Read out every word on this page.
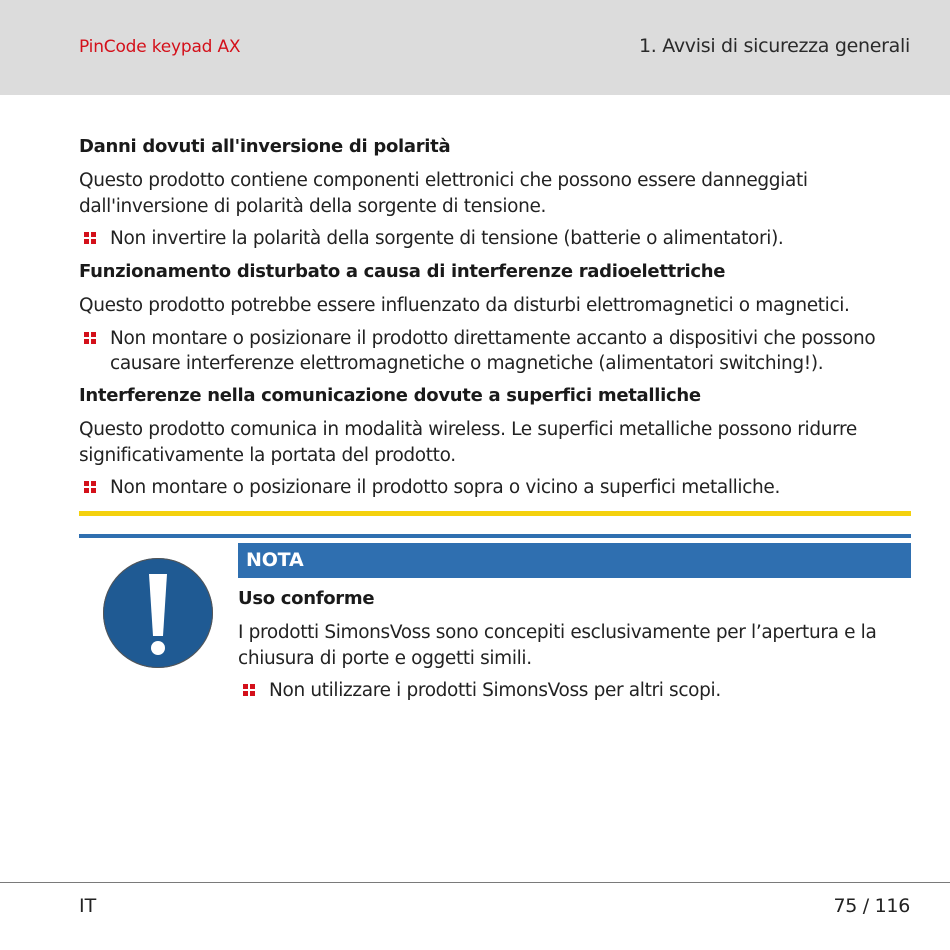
PinCode keypad AX	1. Avvisi di sicurezza generali

Danni dovuti all'inversione di polarità

Questo prodotto contiene componenti elettronici che possono essere danneggiati dall'inversione di polarità della sorgente di tensione.

Non invertire la polarità della sorgente di tensione (batterie o alimentatori).

Funzionamento disturbato a causa di interferenze radioelettriche

Questo prodotto potrebbe essere influenzato da disturbi elettromagnetici o magnetici.

Non montare o posizionare il prodotto direttamente accanto a dispositivi che possono causare interferenze elettromagnetiche o magnetiche (alimentatori switching!).

Interferenze nella comunicazione dovute a superfici metalliche

Questo prodotto comunica in modalità wireless. Le superfici metalliche possono ridurre significativamente la portata del prodotto.

Non montare o posizionare il prodotto sopra o vicino a superfici metalliche.
NOTA

Uso conforme

I prodotti SimonsVoss sono concepiti esclusivamente per l’apertura e la chiusura di porte e oggetti simili.

Non utilizzare i prodotti SimonsVoss per altri scopi.
IT	75 / 116
